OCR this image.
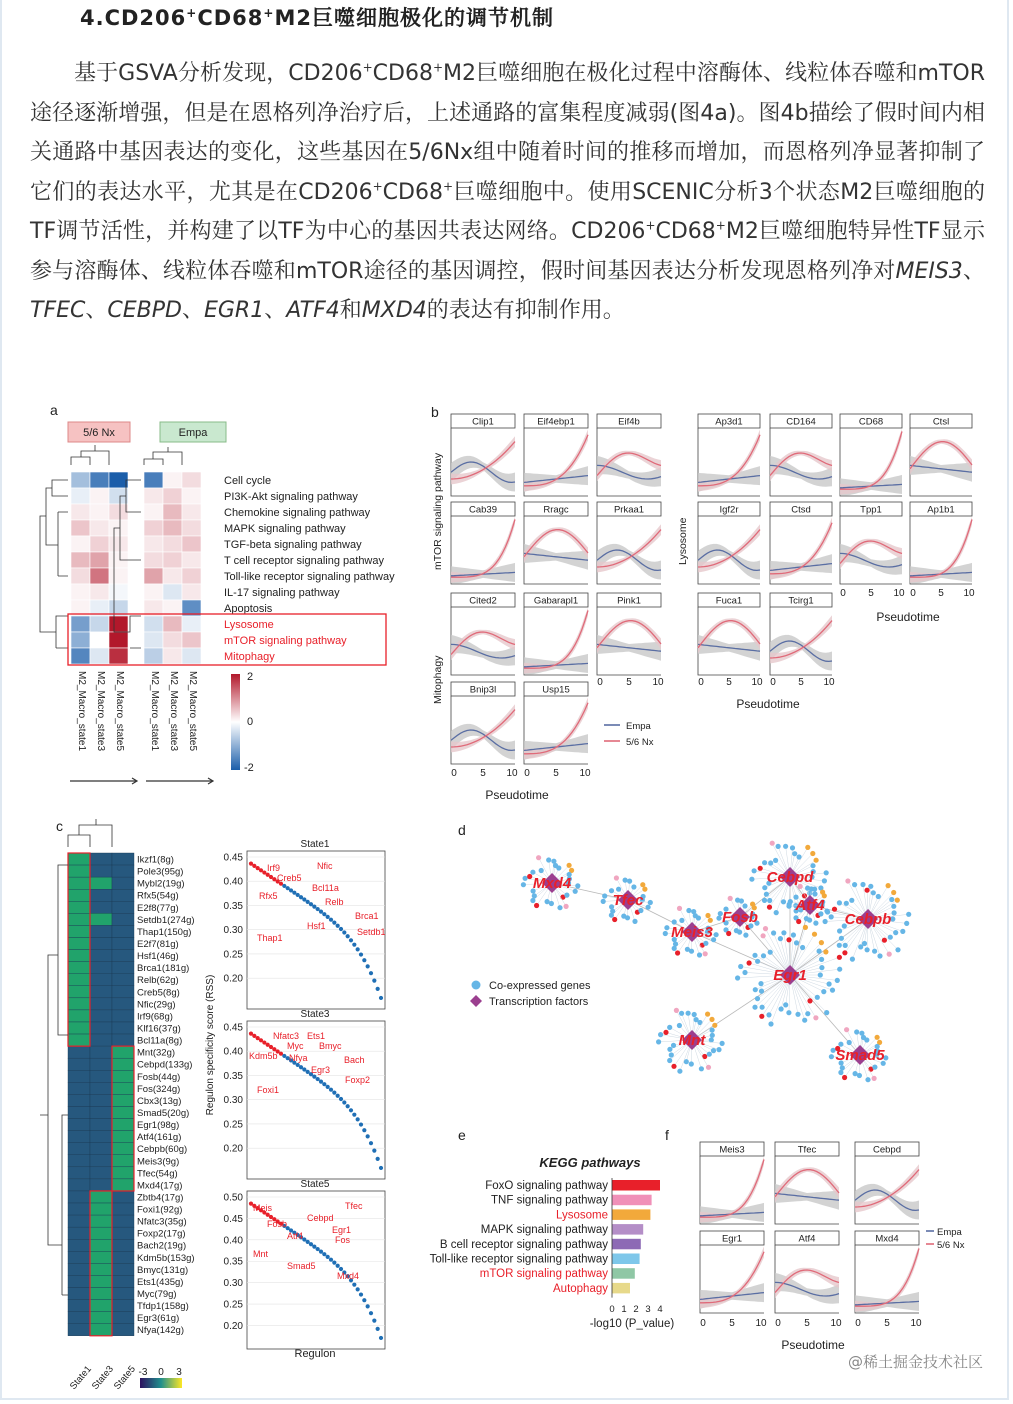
4.CD206+CD68+M2巨噬细胞极化的调节机制

基于GSVA分析发现，CD206+CD68+M2巨噬细胞在极化过程中溶酶体、线粒体吞噬和mTOR途径逐渐增强，但是在恩格列净治疗后，上述通路的富集程度减弱(图4a)。图4b描绘了假时间内相关通路中基因表达的变化，这些基因在5/6Nx组中随着时间的推移而增加，而恩格列净显著抑制了它们的表达水平，尤其是在CD206+CD68+巨噬细胞中。使用SCENIC分析3个状态M2巨噬细胞的TF调节活性，并构建了以TF为中心的基因共表达网络。CD206+CD68+M2巨噬细胞特异性TF显示参与溶酶体、线粒体吞噬和mTOR途径的基因调控，假时间基因表达分析发现恩格列净对MEIS3、TFEC、CEBPD、EGR1、ATF4和MXD4的表达有抑制作用。

a
5/6 Nx	Empa
Cell cycle
PI3K-Akt signaling pathway
Chemokine signaling pathway
MAPK signaling pathway
TGF-beta signaling pathway
T cell receptor signaling pathway
Toll-like receptor signaling pathway
IL-17 signaling pathway
Apoptosis
Lysosome
mTOR signaling pathway
Mitophagy
M2_Macro_state1	M2_Macro_state1
M2_Macro_state3	M2_Macro_state3
M2_Macro_state5	M2_Macro_state5	2
0
-2
b
mTOR signaling pathway
Mitophagy
Lysosome
Clip1	Eif4ebp1	Eif4b
Cab39	Rragc	Prkaa1
Cited2	Gabarapl1	Pink1
Bnip3l	Usp15
Ap3d1	CD164	CD68	Ctsl
Igf2r	Ctsd	Tpp1	Ap1b1
Fuca1	Tcirg1
0 5 10
0 5 10 0 5 10
0 5 10 0 5 10
0 5 10 0 5 10
Pseudotime
Pseudotime
Pseudotime
Empa
5/6 Nx
c
Ikzf1(8g)
Pole3(95g)
Mybl2(19g)
Rfx5(54g)
E2f8(77g)
Setdb1(274g)
Thap1(150g)
E2f7(81g)
Hsf1(46g)
Brca1(181g)
Relb(62g)
Creb5(8g)
Nfic(29g)
Irf9(68g)
Klf16(37g)
Bcl11a(8g)
Mnt(32g)
Cebpd(133g)
Fosb(44g)
Fos(324g)
Cbx3(13g)
Smad5(20g)
Egr1(98g)
Atf4(161g)
Cebpb(60g)
Meis3(9g)
Tfec(54g)
Mxd4(17g)
Zbtb4(17g)
Foxi1(92g)
Nfatc3(35g)
Foxp2(17g)
Bach2(19g)
Kdm5b(153g)
Bmyc(131g)
Ets1(435g)
Myc(79g)
Tfdp1(158g)
Egr3(61g)
Nfya(142g)
State1
State3
State5 -3 0 3
State1
0.45
0.40
0.35
0.30
0.25
0.20
Irf9	Nfic
Creb5
Bcl11a
Relb
Rfx5
Brca1
Hsf1
Setdb1
Thap1
State3
0.45
0.40
0.35
0.30
0.25
0.20
Nfatc3 Ets1
Myc Bmyc
Kdm5b Nfya	Bach
Egr3
Foxp2
Foxi1
State5
0.50
0.45
0.40
0.35
0.30
0.25
0.20
Meis	Tfec
Fosb
Cebpd
Atf4
Egr1
Fos
Mnt
Smad5
Mxd4
Regulon specificity score (RSS)
Regulon
d
Mxd4
Tfec
Meis3
Fosb
Cebpd
Atf4
Cebpb
Egr1
Mnt
Smad5
Co-expressed genes
Transcription factors
e
KEGG pathways
FoxO signaling pathway
TNF signaling pathway
Lysosome
MAPK signaling pathway
B cell receptor signaling pathway
Toll-like receptor signaling pathway
mTOR signaling pathway
Autophagy
0 1 2 3 4
-log10 (P_value)
f
Meis3	Tfec	Cebpd
Egr1	Atf4	Mxd4
0 5 10 0 5 10 0 5 10
Pseudotime
Empa
5/6 Nx
@稀土掘金技术社区
